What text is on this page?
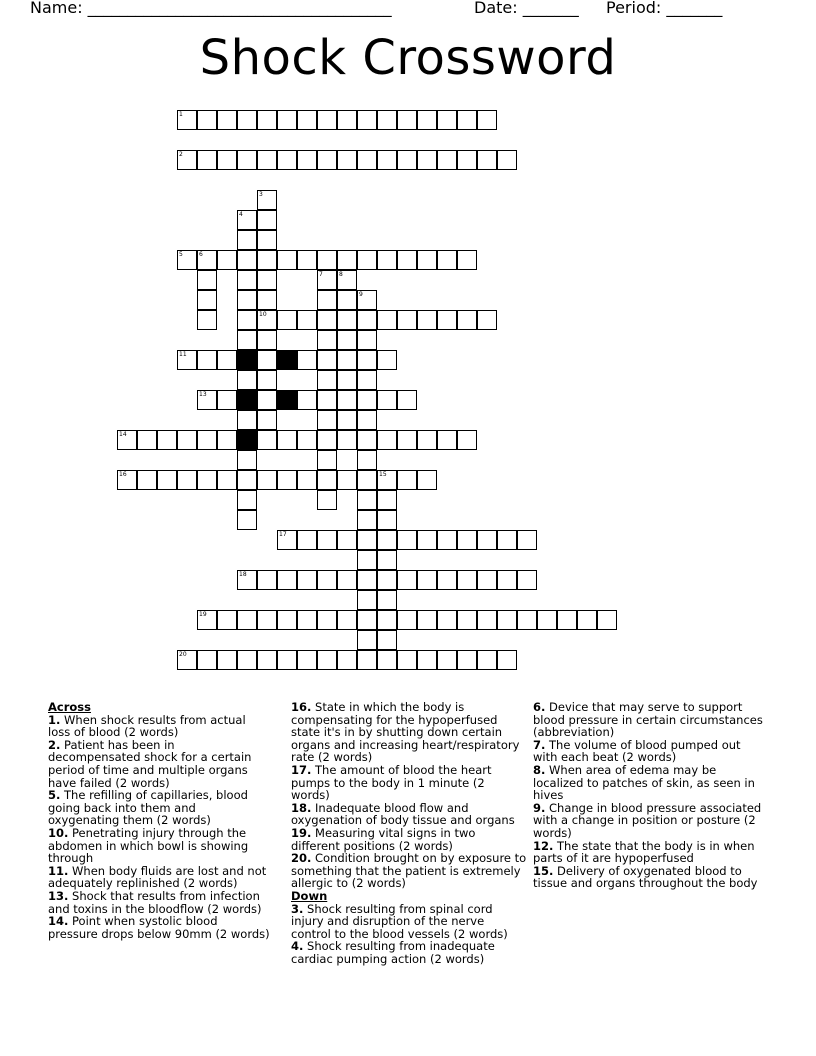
Name: ______________________________________	Date: _______ Period: _______
Shock Crossword
1
2
3
10
4
5	6
7	8
9
11	12
13
14
15
16
17
18
19
20
Across
1. When shock results from actual loss of blood (2 words)
2. Patient has been in decompensated shock for a certain period of time and multiple organs have failed (2 words)
5. The refilling of capillaries, blood going back into them and oxygenating them (2 words)
10. Penetrating injury through the abdomen in which bowl is showing through
11. When body fluids are lost and not adequately replinished (2 words)
13. Shock that results from infection and toxins in the bloodflow (2 words)
14. Point when systolic blood pressure drops below 90mm (2 words)
16. State in which the body is compensating for the hypoperfused state it's in by shutting down certain organs and increasing heart/respiratory rate (2 words)
17. The amount of blood the heart pumps to the body in 1 minute (2 words)
18. Inadequate blood flow and oxygenation of body tissue and organs
19. Measuring vital signs in two different positions (2 words)
20. Condition brought on by exposure to something that the patient is extremely allergic to (2 words)
Down
3. Shock resulting from spinal cord injury and disruption of the nerve control to the blood vessels (2 words)
4. Shock resulting from inadequate cardiac pumping action (2 words)
6. Device that may serve to support blood pressure in certain circumstances (abbreviation)
7. The volume of blood pumped out with each beat (2 words)
8. When area of edema may be localized to patches of skin, as seen in hives
9. Change in blood pressure associated with a change in position or posture (2 words)
12. The state that the body is in when parts of it are hypoperfused
15. Delivery of oxygenated blood to tissue and organs throughout the body
